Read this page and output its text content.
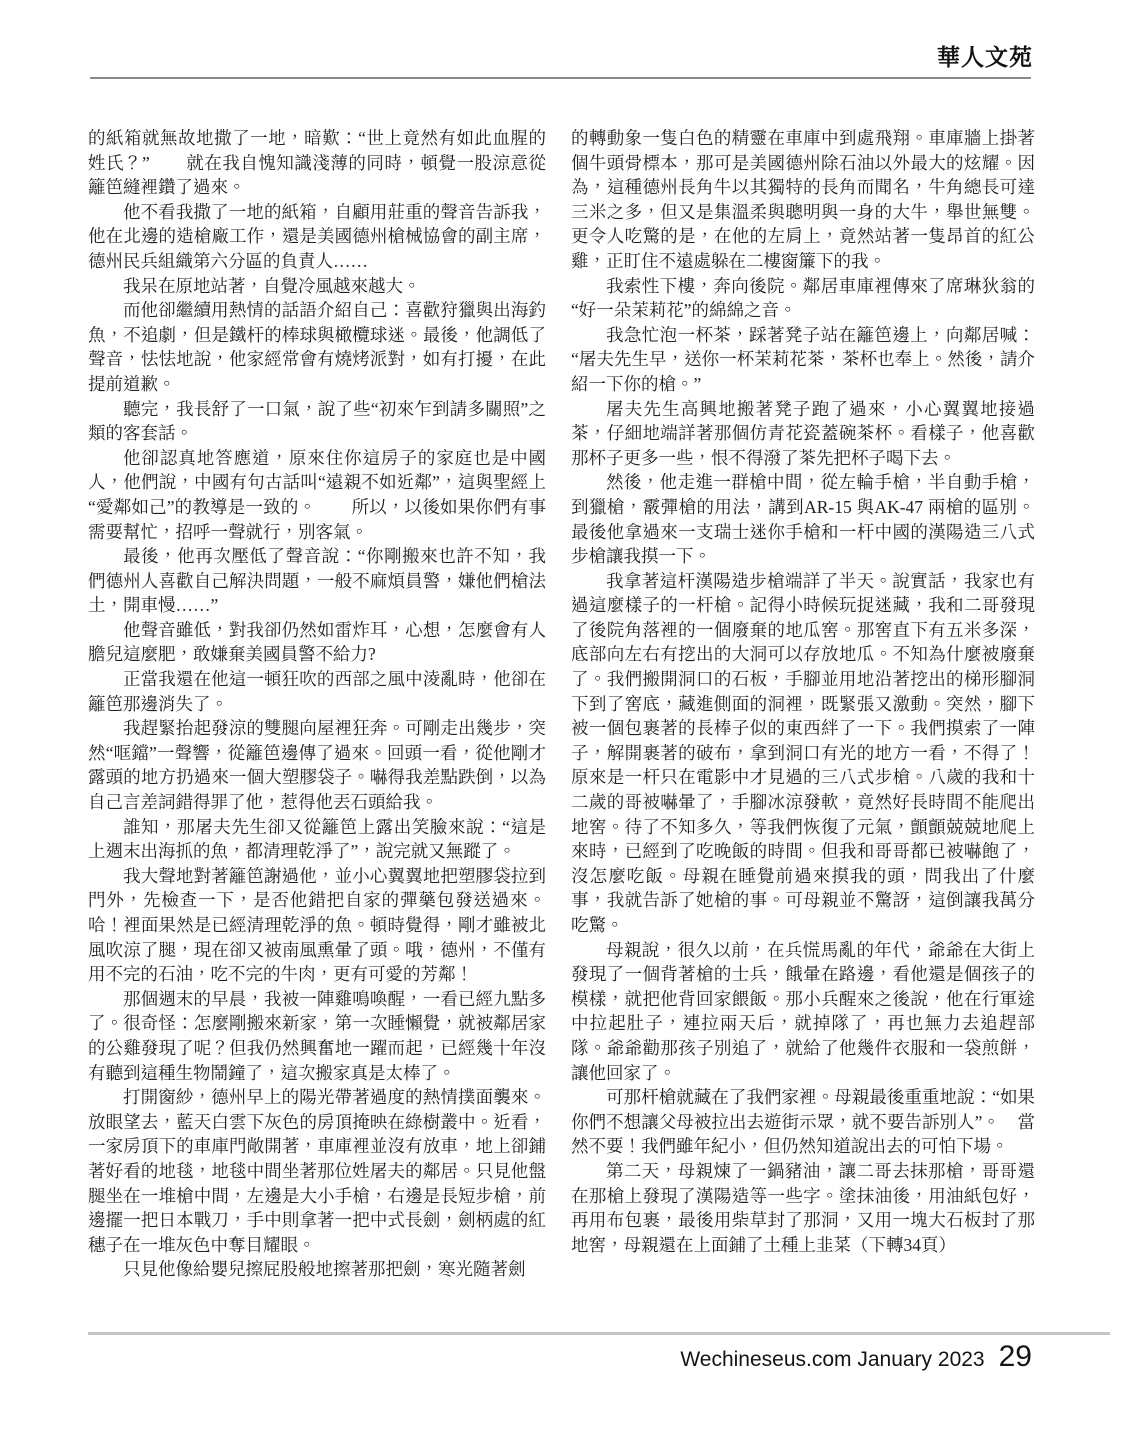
華人文苑

的紙箱就無故地撒了一地，暗歎：“世上竟然有如此血腥的姓氏？”　　就在我自愧知識淺薄的同時，頓覺一股涼意從籬笆縫裡鑽了過來。

他不看我撒了一地的紙箱，自顧用莊重的聲音告訴我，他在北邊的造槍廠工作，還是美國德州槍械協會的副主席，德州民兵組織第六分區的負責人……

我呆在原地站著，自覺冷風越來越大。

而他卻繼續用熱情的話語介紹自己：喜歡狩獵與出海釣魚，不追劇，但是鐵杆的棒球與橄欖球迷。最後，他調低了聲音，怯怯地說，他家經常會有燒烤派對，如有打擾，在此提前道歉。

聽完，我長舒了一口氣，說了些“初來乍到請多關照”之類的客套話。

他卻認真地答應道，原來住你這房子的家庭也是中國人，他們說，中國有句古話叫“遠親不如近鄰”，這與聖經上“愛鄰如己”的教導是一致的。　　所以，以後如果你們有事需要幫忙，招呼一聲就行，別客氣。

最後，他再次壓低了聲音說：“你剛搬來也許不知，我們德州人喜歡自己解決問題，一般不麻煩員警，嫌他們槍法土，開車慢……”

他聲音雖低，對我卻仍然如雷炸耳，心想，怎麼會有人膽兒這麼肥，敢嫌棄美國員警不給力?

正當我還在他這一頓狂吹的西部之風中淩亂時，他卻在籬笆那邊消失了。

我趕緊抬起發涼的雙腿向屋裡狂奔。可剛走出幾步，突然“哐鐺”一聲響，從籬笆邊傳了過來。回頭一看，從他剛才露頭的地方扔過來一個大塑膠袋子。嚇得我差點跌倒，以為自己言差詞錯得罪了他，惹得他丟石頭給我。

誰知，那屠夫先生卻又從籬笆上露出笑臉來說：“這是上週末出海抓的魚，都清理乾淨了”，說完就又無蹤了。

我大聲地對著籬笆謝過他，並小心翼翼地把塑膠袋拉到門外，先檢查一下，是否他錯把自家的彈藥包發送過來。哈！裡面果然是已經清理乾淨的魚。頓時覺得，剛才雖被北風吹涼了腿，現在卻又被南風熏暈了頭。哦，德州，不僅有用不完的石油，吃不完的牛肉，更有可愛的芳鄰！

那個週末的早晨，我被一陣雞鳴喚醒，一看已經九點多了。很奇怪：怎麼剛搬來新家，第一次睡懶覺，就被鄰居家的公雞發現了呢？但我仍然興奮地一躍而起，已經幾十年沒有聽到這種生物鬧鐘了，這次搬家真是太棒了。

打開窗紗，德州早上的陽光帶著過度的熱情撲面襲來。放眼望去，藍天白雲下灰色的房頂掩映在綠樹叢中。近看，一家房頂下的車庫門敞開著，車庫裡並沒有放車，地上卻鋪著好看的地毯，地毯中間坐著那位姓屠夫的鄰居。只見他盤腿坐在一堆槍中間，左邊是大小手槍，右邊是長短步槍，前邊擺一把日本戰刀，手中則拿著一把中式長劍，劍柄處的紅穗子在一堆灰色中奪目耀眼。

只見他像給嬰兒擦屁股般地擦著那把劍，寒光隨著劍

的轉動象一隻白色的精靈在車庫中到處飛翔。車庫牆上掛著個牛頭骨標本，那可是美國德州除石油以外最大的炫耀。因為，這種德州長角牛以其獨特的長角而聞名，牛角總長可達三米之多，但又是集溫柔與聰明與一身的大牛，舉世無雙。更令人吃驚的是，在他的左肩上，竟然站著一隻昂首的紅公雞，正盯住不遠處躲在二樓窗簾下的我。

我索性下樓，奔向後院。鄰居車庫裡傳來了席琳狄翁的“好一朵茉莉花”的綿綿之音。

我急忙泡一杯茶，踩著凳子站在籬笆邊上，向鄰居喊：“屠夫先生早，送你一杯茉莉花茶，茶杯也奉上。然後，請介紹一下你的槍。”

屠夫先生高興地搬著凳子跑了過來，小心翼翼地接過茶，仔細地端詳著那個仿青花瓷蓋碗茶杯。看樣子，他喜歡那杯子更多一些，恨不得潑了茶先把杯子喝下去。

然後，他走進一群槍中間，從左輪手槍，半自動手槍，到獵槍，霰彈槍的用法，講到AR-15 與AK-47 兩槍的區別。最後他拿過來一支瑞士迷你手槍和一杆中國的漢陽造三八式步槍讓我摸一下。

我拿著這杆漢陽造步槍端詳了半天。說實話，我家也有過這麼樣子的一杆槍。記得小時候玩捉迷藏，我和二哥發現了後院角落裡的一個廢棄的地瓜窖。那窖直下有五米多深，底部向左右有挖出的大洞可以存放地瓜。不知為什麼被廢棄了。我們搬開洞口的石板，手腳並用地沿著挖出的梯形腳洞下到了窖底，藏進側面的洞裡，既緊張又激動。突然，腳下被一個包裹著的長棒子似的東西絆了一下。我們摸索了一陣子，解開裹著的破布，拿到洞口有光的地方一看，不得了！原來是一杆只在電影中才見過的三八式步槍。八歲的我和十二歲的哥被嚇暈了，手腳冰涼發軟，竟然好長時間不能爬出地窖。待了不知多久，等我們恢復了元氣，顫顫兢兢地爬上來時，已經到了吃晚飯的時間。但我和哥哥都已被嚇飽了，沒怎麼吃飯。母親在睡覺前過來摸我的頭，問我出了什麼事，我就告訴了她槍的事。可母親並不驚訝，這倒讓我萬分吃驚。

母親說，很久以前，在兵慌馬亂的年代，爺爺在大街上發現了一個背著槍的士兵，餓暈在路邊，看他還是個孩子的模樣，就把他背回家餵飯。那小兵醒來之後說，他在行軍途中拉起肚子，連拉兩天后，就掉隊了，再也無力去追趕部隊。爺爺勸那孩子別追了，就給了他幾件衣服和一袋煎餅，讓他回家了。

可那杆槍就藏在了我們家裡。母親最後重重地說：“如果你們不想讓父母被拉出去遊街示眾，就不要告訴別人”。　當然不要！我們雖年紀小，但仍然知道說出去的可怕下場。

第二天，母親煉了一鍋豬油，讓二哥去抹那槍，哥哥還在那槍上發現了漢陽造等一些字。塗抹油後，用油紙包好，再用布包裹，最後用柴草封了那洞，又用一塊大石板封了那地窖，母親還在上面鋪了土種上韭菜（下轉34頁）

Wechineseus.com January 2023 29
